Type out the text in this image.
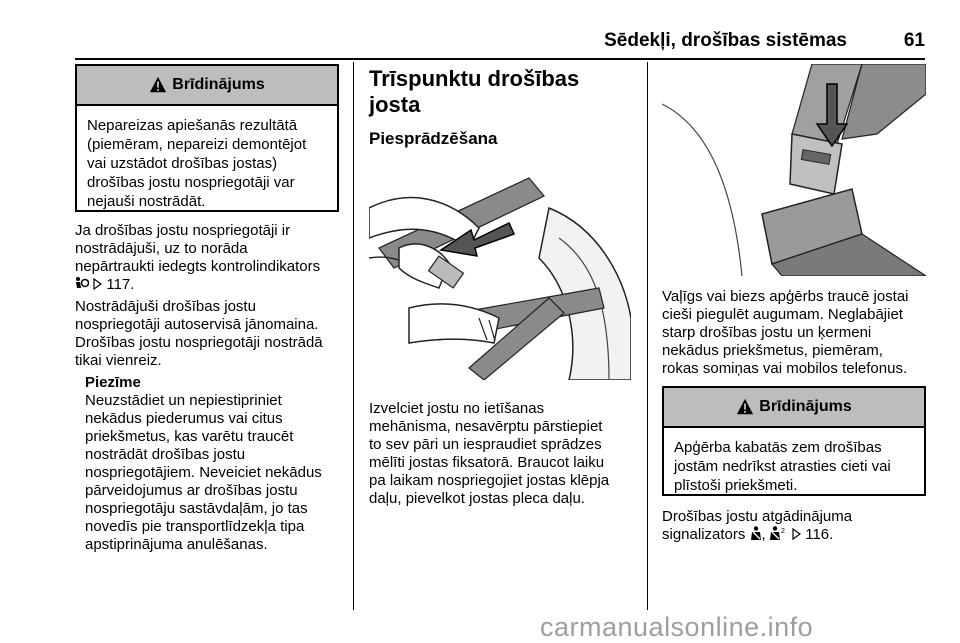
Sēdekļi, drošības sistēmas	61
Brīdinājums
Nepareizas apiešanās rezultātā
(piemēram, nepareizi demontējot
vai uzstādot drošības jostas)
drošības jostu nospriegotāji var
nejauši nostrādāt.
Ja drošības jostu nospriegotāji ir
nostrādājuši, uz to norāda
nepārtraukti iedegts kontrolindikators
117.
Nostrādājuši drošības jostu
nospriegotāji autoservisā jānomaina.
Drošības jostu nospriegotāji nostrādā
tikai vienreiz.
Piezīme
Neuzstādiet un nepiestipriniet
nekādus piederumus vai citus
priekšmetus, kas varētu traucēt
nostrādāt drošības jostu
nospriegotājiem. Neveiciet nekādus
pārveidojumus ar drošības jostu
nospriegotāju sastāvdaļām, jo tas
novedīs pie transportlīdzekļa tipa
apstiprinājuma anulēšanas.
Trīspunktu drošības josta
Piesprādzēšana
Izvelciet jostu no ietīšanas
mehānisma, nesavērptu pārstiepiet
to sev pāri un iespraudiet sprādzes
mēlīti jostas fiksatorā. Braucot laiku
pa laikam nospriegojiet jostas klēpja
daļu, pievelkot jostas pleca daļu.
Vaļīgs vai biezs apģērbs traucē jostai
cieši piegulēt augumam. Neglabājiet
starp drošības jostu un ķermeni
nekādus priekšmetus, piemēram,
rokas somiņas vai mobilos telefonus.
Brīdinājums
Apģērba kabatās zem drošības
jostām nedrīkst atrasties cieti vai
plīstoši priekšmeti.
Drošības jostu atgādinājuma
signalizators , 2 116.
carmanualsonline.info
